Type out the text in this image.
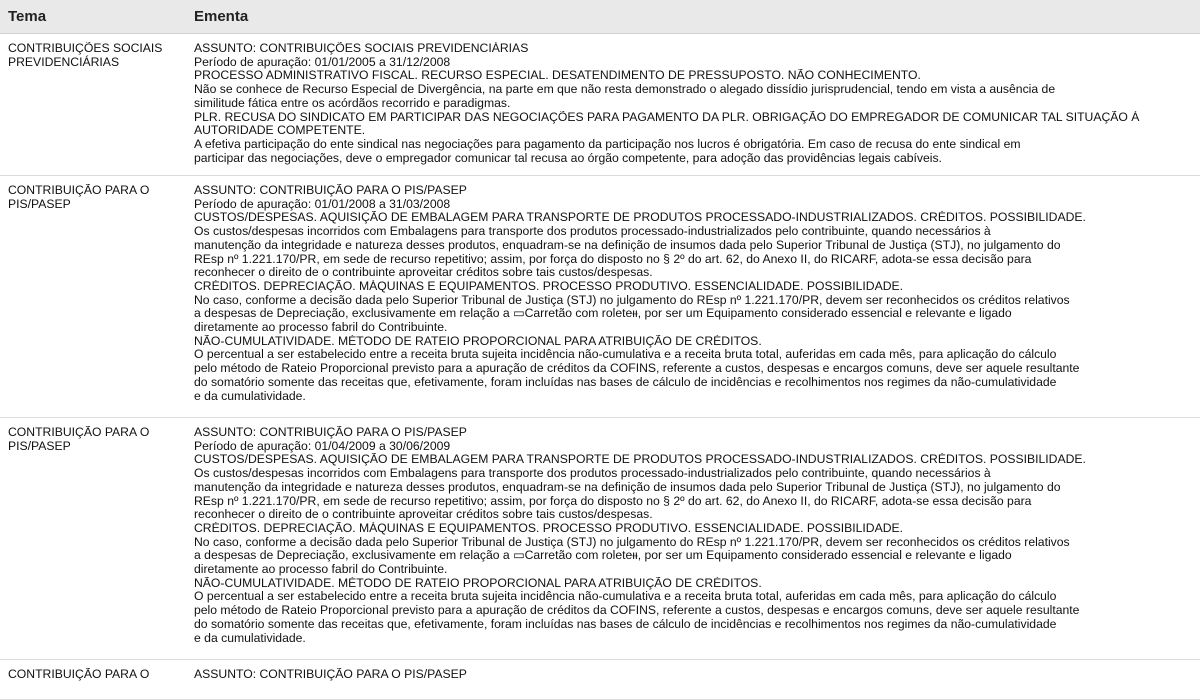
Tema	Ementa
CONTRIBUIÇÕES SOCIAIS PREVIDENCIÁRIAS
ASSUNTO: CONTRIBUIÇÕES SOCIAIS PREVIDENCIÁRIAS
Período de apuração: 01/01/2005 a 31/12/2008
PROCESSO ADMINISTRATIVO FISCAL. RECURSO ESPECIAL. DESATENDIMENTO DE PRESSUPOSTO. NÃO CONHECIMENTO.
Não se conhece de Recurso Especial de Divergência, na parte em que não resta demonstrado o alegado dissídio jurisprudencial, tendo em vista a ausência de
similitude fática entre os acórdãos recorrido e paradigmas.
PLR. RECUSA DO SINDICATO EM PARTICIPAR DAS NEGOCIAÇÕES PARA PAGAMENTO DA PLR. OBRIGAÇÃO DO EMPREGADOR DE COMUNICAR TAL SITUAÇÃO À
AUTORIDADE COMPETENTE.
A efetiva participação do ente sindical nas negociações para pagamento da participação nos lucros é obrigatória. Em caso de recusa do ente sindical em
participar das negociações, deve o empregador comunicar tal recusa ao órgão competente, para adoção das providências legais cabíveis.
CONTRIBUIÇÃO PARA O PIS/PASEP
ASSUNTO: CONTRIBUIÇÃO PARA O PIS/PASEP
Período de apuração: 01/01/2008 a 31/03/2008
CUSTOS/DESPESAS. AQUISIÇÃO DE EMBALAGEM PARA TRANSPORTE DE PRODUTOS PROCESSADO-INDUSTRIALIZADOS. CRÉDITOS. POSSIBILIDADE.
Os custos/despesas incorridos com Embalagens para transporte dos produtos processado-industrializados pelo contribuinte, quando necessários à
manutenção da integridade e natureza desses produtos, enquadram-se na definição de insumos dada pelo Superior Tribunal de Justiça (STJ), no julgamento do
REsp nº 1.221.170/PR, em sede de recurso repetitivo; assim, por força do disposto no § 2º do art. 62, do Anexo II, do RICARF, adota-se essa decisão para
reconhecer o direito de o contribuinte aproveitar créditos sobre tais custos/despesas.
CRÉDITOS. DEPRECIAÇÃO. MÁQUINAS E EQUIPAMENTOS. PROCESSO PRODUTIVO. ESSENCIALIDADE. POSSIBILIDADE.
No caso, conforme a decisão dada pelo Superior Tribunal de Justiça (STJ) no julgamento do REsp nº 1.221.170/PR, devem ser reconhecidos os créditos relativos
a despesas de Depreciação, exclusivamente em relação a ▭Carretão com roleteᵼᵼ, por ser um Equipamento considerado essencial e relevante e ligado
diretamente ao processo fabril do Contribuinte.
NÃO-CUMULATIVIDADE. MÉTODO DE RATEIO PROPORCIONAL PARA ATRIBUIÇÃO DE CRÉDITOS.
O percentual a ser estabelecido entre a receita bruta sujeita incidência não-cumulativa e a receita bruta total, auferidas em cada mês, para aplicação do cálculo
pelo método de Rateio Proporcional previsto para a apuração de créditos da COFINS, referente a custos, despesas e encargos comuns, deve ser aquele resultante
do somatório somente das receitas que, efetivamente, foram incluídas nas bases de cálculo de incidências e recolhimentos nos regimes da não-cumulatividade
e da cumulatividade.
CONTRIBUIÇÃO PARA O PIS/PASEP
ASSUNTO: CONTRIBUIÇÃO PARA O PIS/PASEP
Período de apuração: 01/04/2009 a 30/06/2009
CUSTOS/DESPESAS. AQUISIÇÃO DE EMBALAGEM PARA TRANSPORTE DE PRODUTOS PROCESSADO-INDUSTRIALIZADOS. CRÉDITOS. POSSIBILIDADE.
Os custos/despesas incorridos com Embalagens para transporte dos produtos processado-industrializados pelo contribuinte, quando necessários à
manutenção da integridade e natureza desses produtos, enquadram-se na definição de insumos dada pelo Superior Tribunal de Justiça (STJ), no julgamento do
REsp nº 1.221.170/PR, em sede de recurso repetitivo; assim, por força do disposto no § 2º do art. 62, do Anexo II, do RICARF, adota-se essa decisão para
reconhecer o direito de o contribuinte aproveitar créditos sobre tais custos/despesas.
CRÉDITOS. DEPRECIAÇÃO. MÁQUINAS E EQUIPAMENTOS. PROCESSO PRODUTIVO. ESSENCIALIDADE. POSSIBILIDADE.
No caso, conforme a decisão dada pelo Superior Tribunal de Justiça (STJ) no julgamento do REsp nº 1.221.170/PR, devem ser reconhecidos os créditos relativos
a despesas de Depreciação, exclusivamente em relação a ▭Carretão com roleteᵼᵼ, por ser um Equipamento considerado essencial e relevante e ligado
diretamente ao processo fabril do Contribuinte.
NÃO-CUMULATIVIDADE. MÉTODO DE RATEIO PROPORCIONAL PARA ATRIBUIÇÃO DE CRÉDITOS.
O percentual a ser estabelecido entre a receita bruta sujeita incidência não-cumulativa e a receita bruta total, auferidas em cada mês, para aplicação do cálculo
pelo método de Rateio Proporcional previsto para a apuração de créditos da COFINS, referente a custos, despesas e encargos comuns, deve ser aquele resultante
do somatório somente das receitas que, efetivamente, foram incluídas nas bases de cálculo de incidências e recolhimentos nos regimes da não-cumulatividade
e da cumulatividade.
CONTRIBUIÇÃO PARA O	ASSUNTO: CONTRIBUIÇÃO PARA O PIS/PASEP
